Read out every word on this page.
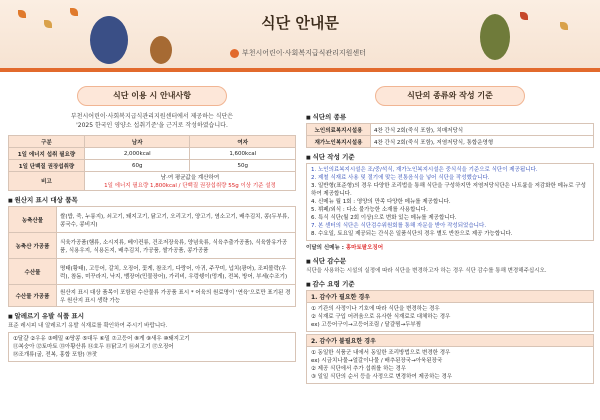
식단 안내문
부천시어린이·사회복지급식관리지원센터
식단 이용 시 안내사항
부천시어린이·사회복지급식관리지원센터에서 제공하는 식단은
'2025 한국인 영양소 섭취기준'을 근거로 작성하였습니다.
구분	남자	여자
1일 에너지 섭취 필요량	2,000kcal	1,600kcal
1일 단백질 권장섭취량	60g	50g
비고	남·여 평균값을 계산하여
1일 에너지 필요량 1,800kcal / 단백질 권장섭취량 55g 이상 기준 설정	
■ 원산지 표시 대상 품목
농축산물	쌀(밥, 죽, 누룽지), 쇠고기, 돼지고기, 닭고기, 오리고기, 양고기, 염소고기, 배추김치, 콩(두부류, 콩국수, 콩비지)
농축산 가공품	식육가공품(햄류, 소시지류, 베이컨류, 건조저장육류, 양념육류, 식육추출가공품), 식육함유가공품, 식용우지, 식용돈지, 배추김치, 가공품, 쌀가공품, 콩가공품
수산물	명태(황태), 고등어, 갈치, 오징어, 꽃게, 참조기, 다랑어, 아귀, 주꾸미, 넙치(광어), 조피볼락(우럭), 참돔, 미꾸라지, 낙지, 뱀장어(민물장어), 가리비, 우렁쉥이(멍게), 전복, 방어, 부세(수조기)
수산물 가공품	원산지 표시 대상 품목이 포함된 수산물류 가공품 표시 * 어육의 원료명이 '연육'으로만 표기된 경우 원산지 표시 생략 가능
■ 알레르기 유발 식품 표시
표준 레시피 내 알레르기 유발 식재료를 확인하여 주시기 바랍니다.
①달걀 ②우유 ③메밀 ④땅콩 ⑤대두 ⑥밀 ⑦고등어 ⑧게 ⑨새우 ⑩돼지고기
⑪복숭아 ⑫토마토 ⑬아황산류 ⑭호두 ⑮닭고기 ⑯쇠고기 ⑰오징어
⑱조개류(굴, 전복, 홍합 포함) ⑲잣
식단의 종류와 작성 기준
■ 식단의 종류
노인의료복지시설용	4찬 간식 2회(죽식 포함), 치매저당식
재가노인복지시설용	4찬 간식 2회(죽식 포함), 저염저당식, 통합운영형
■ 식단 작성 기준
1. 노인의료복지시설은 조/중/석식, 재가노인복지시설은 중식식을 기준으로 식단이 제공됩니다.
2. 제철 식재료 사용 및 절기에 맞는 전통음식을 넣어 식단을 작성했습니다.
3. 일반형(표준형)의 경우 다양한 조리법을 통해 식단을 구성하지만 저염저당식단은 나트륨을 저감화한 메뉴로 구성하여 제공합니다.
4. 신메뉴 월 1회 : 영양의 만족 다양한 메뉴를 제공합니다.
5. 뷔페/외식 : 다소 불가능한 소재를 사용합니다.
6. 특식 식단(월 2회 이상)으로 변화 있는 메뉴를 제공합니다.
7. 본 센터의 식단은 식단검수위원회를 통해 자문을 받아 작성되었습니다.
8. 수요일, 토요일 제공되는 간식은 일품식단의 경우 별도 반찬으로 제공 가능합니다.
이달의 신메뉴 : 홍마토팥오징어
■ 식단 감수문
식단을 사용하는 시설의 실정에 따라 식단을 변경하고자 하는 경우 식단 감수를 통해 변경해주십시오.
■ 감수 요령 기준
1. 감수가 필요한 경우
① 기관의 사정이나 기호에 따라 식단을 변경하는 경우
② 식재료 구입 어려움으로 유사한 식재료로 대체하는 경우
ex) 고등어구이→고등어조림 / 달걀찜→두부찜
2. 감수가 불필요한 경우
① 동일한 식품군 내에서 동일한 조리방법으로 변경한 경우
ex) 시금치나물→얼갈이나물 / 배추된장국→아욱된장국
② 제공 식단에서 추가 섭취를 하는 경우
③ 일일 식단의 순서 등을 사정으로 변경하여 제공하는 경우
